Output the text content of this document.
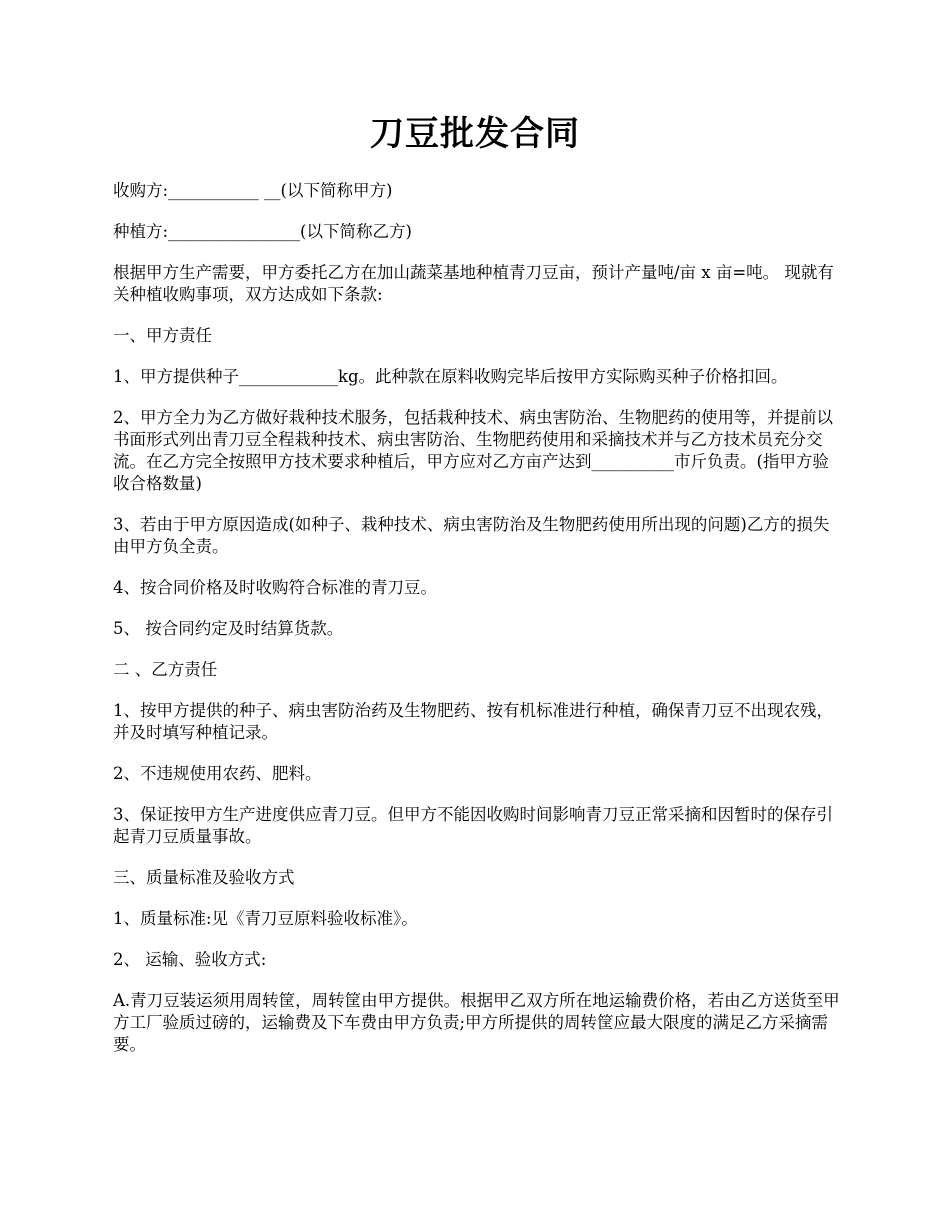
刀豆批发合同

收购方:___________ __(以下简称甲方)

种植方:________________(以下简称乙方)

根据甲方生产需要，甲方委托乙方在加山蔬菜基地种植青刀豆亩，预计产量吨/亩 x 亩=吨。 现就有关种植收购事项，双方达成如下条款:

一、甲方责任

1、甲方提供种子____________kg。此种款在原料收购完毕后按甲方实际购买种子价格扣回。

2、甲方全力为乙方做好栽种技术服务，包括栽种技术、病虫害防治、生物肥药的使用等，并提前以书面形式列出青刀豆全程栽种技术、病虫害防治、生物肥药使用和采摘技术并与乙方技术员充分交流。在乙方完全按照甲方技术要求种植后，甲方应对乙方亩产达到__________市斤负责。(指甲方验收合格数量)

3、若由于甲方原因造成(如种子、栽种技术、病虫害防治及生物肥药使用所出现的问题)乙方的损失由甲方负全责。

4、按合同价格及时收购符合标准的青刀豆。

5、 按合同约定及时结算货款。

二 、乙方责任

1、按甲方提供的种子、病虫害防治药及生物肥药、按有机标准进行种植，确保青刀豆不出现农残，并及时填写种植记录。

2、不违规使用农药、肥料。

3、保证按甲方生产进度供应青刀豆。但甲方不能因收购时间影响青刀豆正常采摘和因暂时的保存引起青刀豆质量事故。

三、质量标准及验收方式

1、质量标准:见《青刀豆原料验收标准》。

2、 运输、验收方式:

A.青刀豆装运须用周转筐，周转筐由甲方提供。根据甲乙双方所在地运输费价格，若由乙方送货至甲方工厂验质过磅的，运输费及下车费由甲方负责;甲方所提供的周转筐应最大限度的满足乙方采摘需要。
